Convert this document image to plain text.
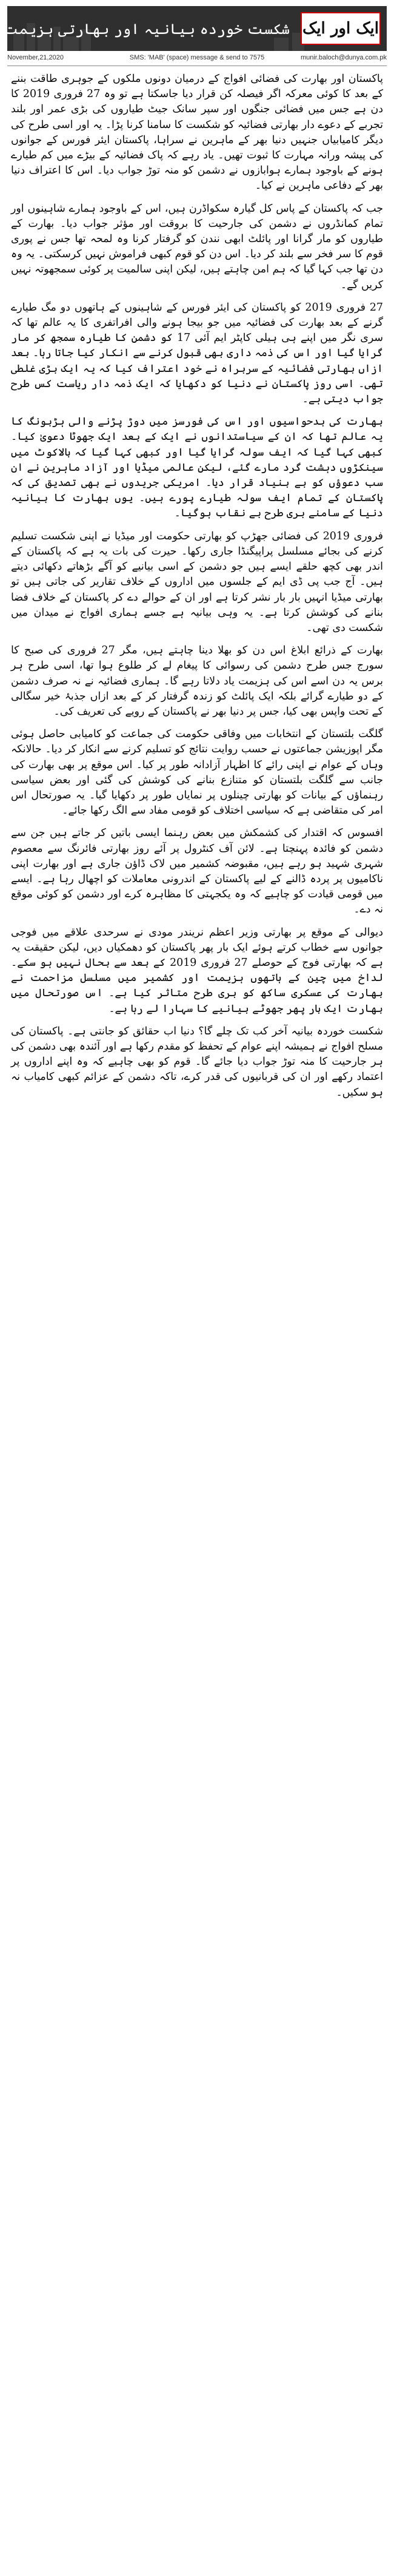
شکست خوردہ بیانیہ اور بھارتی ہزیمت ایک اور ایک
November,21,2020	SMS: 'MAB' (space) message & send to 7575	munir.baloch@dunya.com.pk

پاکستان اور بھارت کی فضائی افواج کے درمیان دونوں ملکوں کے جوہری طاقت بننے کے بعد کا کوئی معرکہ اگر فیصلہ کن قرار دیا جاسکتا ہے تو وہ 27 فروری 2019 کا دن ہے جس میں فضائی جنگوں اور سپر سانک جیٹ طیاروں کی بڑی عمر اور بلند تجربے کے دعوے دار بھارتی فضائیہ کو شکست کا سامنا کرنا پڑا۔ یہ اور اسی طرح کی دیگر کامیابیاں جنہیں دنیا بھر کے ماہرین نے سراہا، پاکستان ایئر فورس کے جوانوں کی پیشہ ورانہ مہارت کا ثبوت تھیں۔ یاد رہے کہ پاک فضائیہ کے بیڑے میں کم طیارے ہونے کے باوجود ہمارے ہوابازوں نے دشمن کو منہ توڑ جواب دیا۔ اس کا اعتراف دنیا بھر کے دفاعی ماہرین نے کیا۔

جب کہ پاکستان کے پاس کل گیارہ سکواڈرن ہیں، اس کے باوجود ہمارے شاہینوں اور تمام کمانڈروں نے دشمن کی جارحیت کا بروقت اور مؤثر جواب دیا۔ بھارت کے طیاروں کو مار گرانا اور پائلٹ ابھی نندن کو گرفتار کرنا وہ لمحہ تھا جس نے پوری قوم کا سر فخر سے بلند کر دیا۔ اس دن کو قوم کبھی فراموش نہیں کرسکتی۔ یہ وہ دن تھا جب کہا گیا کہ ہم امن چاہتے ہیں، لیکن اپنی سالمیت پر کوئی سمجھوتہ نہیں کریں گے۔

27 فروری 2019 کو پاکستان کی ایئر فورس کے شاہینوں کے ہاتھوں دو مگ طیارے گرنے کے بعد بھارت کی فضائیہ میں جو بیجا ہونے والی افراتفری کا یہ عالم تھا کہ سری نگر میں اپنے ہی ہیلی کاپٹر ایم آئی 17 کو دشمن کا طیارہ سمجھ کر مار گرایا گیا اور اس کی ذمہ داری بھی قبول کرنے سے انکار کیا جاتا رہا۔ بعد ازاں بھارتی فضائیہ کے سربراہ نے خود اعتراف کیا کہ یہ ایک بڑی غلطی تھی۔ اسی روز پاکستان نے دنیا کو دکھایا کہ ایک ذمہ دار ریاست کس طرح جواب دیتی ہے۔

بھارت کی بدحواسیوں اور اس کی فورسز میں دوڑ پڑنے والی ہڑبونگ کا یہ عالم تھا کہ ان کے سیاستدانوں نے ایک کے بعد ایک جھوٹا دعویٰ کیا۔ کبھی کہا گیا کہ ایف سولہ گرایا گیا اور کبھی کہا گیا کہ بالاکوٹ میں سینکڑوں دہشت گرد مارے گئے، لیکن عالمی میڈیا اور آزاد ماہرین نے ان سب دعوؤں کو بے بنیاد قرار دیا۔ امریکی جریدوں نے بھی تصدیق کی کہ پاکستان کے تمام ایف سولہ طیارے پورے ہیں۔ یوں بھارت کا بیانیہ دنیا کے سامنے بری طرح بے نقاب ہوگیا۔

فروری 2019 کی فضائی جھڑپ کو بھارتی حکومت اور میڈیا نے اپنی شکست تسلیم کرنے کی بجائے مسلسل پراپیگنڈا جاری رکھا۔ حیرت کی بات یہ ہے کہ پاکستان کے اندر بھی کچھ حلقے ایسے ہیں جو دشمن کے اسی بیانیے کو آگے بڑھاتے دکھائی دیتے ہیں۔ آج جب پی ڈی ایم کے جلسوں میں اداروں کے خلاف تقاریر کی جاتی ہیں تو بھارتی میڈیا انہیں بار بار نشر کرتا ہے اور ان کے حوالے دے کر پاکستان کے خلاف فضا بنانے کی کوشش کرتا ہے۔ یہ وہی بیانیہ ہے جسے ہماری افواج نے میدان میں شکست دی تھی۔

بھارت کے ذرائع ابلاغ اس دن کو بھلا دینا چاہتے ہیں، مگر 27 فروری کی صبح کا سورج جس طرح دشمن کی رسوائی کا پیغام لے کر طلوع ہوا تھا، اسی طرح ہر برس یہ دن اسے اس کی ہزیمت یاد دلاتا رہے گا۔ ہماری فضائیہ نے نہ صرف دشمن کے دو طیارے گرائے بلکہ ایک پائلٹ کو زندہ گرفتار کر کے بعد ازاں جذبۂ خیر سگالی کے تحت واپس بھی کیا، جس پر دنیا بھر نے پاکستان کے رویے کی تعریف کی۔

گلگت بلتستان کے انتخابات میں وفاقی حکومت کی جماعت کو کامیابی حاصل ہوئی مگر اپوزیشن جماعتوں نے حسب روایت نتائج کو تسلیم کرنے سے انکار کر دیا۔ حالانکہ وہاں کے عوام نے اپنی رائے کا اظہار آزادانہ طور پر کیا۔ اس موقع پر بھی بھارت کی جانب سے گلگت بلتستان کو متنازع بنانے کی کوشش کی گئی اور بعض سیاسی رہنماؤں کے بیانات کو بھارتی چینلوں پر نمایاں طور پر دکھایا گیا۔ یہ صورتحال اس امر کی متقاضی ہے کہ سیاسی اختلاف کو قومی مفاد سے الگ رکھا جائے۔

افسوس کہ اقتدار کی کشمکش میں بعض رہنما ایسی باتیں کر جاتے ہیں جن سے دشمن کو فائدہ پہنچتا ہے۔ لائن آف کنٹرول پر آئے روز بھارتی فائرنگ سے معصوم شہری شہید ہو رہے ہیں، مقبوضہ کشمیر میں لاک ڈاؤن جاری ہے اور بھارت اپنی ناکامیوں پر پردہ ڈالنے کے لیے پاکستان کے اندرونی معاملات کو اچھال رہا ہے۔ ایسے میں قومی قیادت کو چاہیے کہ وہ یکجہتی کا مظاہرہ کرے اور دشمن کو کوئی موقع نہ دے۔

دیوالی کے موقع پر بھارتی وزیر اعظم نریندر مودی نے سرحدی علاقے میں فوجی جوانوں سے خطاب کرتے ہوئے ایک بار پھر پاکستان کو دھمکیاں دیں، لیکن حقیقت یہ ہے کہ بھارتی فوج کے حوصلے 27 فروری 2019 کے بعد سے بحال نہیں ہو سکے۔ لداخ میں چین کے ہاتھوں ہزیمت اور کشمیر میں مسلسل مزاحمت نے بھارت کی عسکری ساکھ کو بری طرح متاثر کیا ہے۔ اس صورتحال میں بھارت ایک بار پھر جھوٹے بیانیے کا سہارا لے رہا ہے۔

شکست خوردہ بیانیہ آخر کب تک چلے گا؟ دنیا اب حقائق کو جانتی ہے۔ پاکستان کی مسلح افواج نے ہمیشہ اپنے عوام کے تحفظ کو مقدم رکھا ہے اور آئندہ بھی دشمن کی ہر جارحیت کا منہ توڑ جواب دیا جائے گا۔ قوم کو بھی چاہیے کہ وہ اپنے اداروں پر اعتماد رکھے اور ان کی قربانیوں کی قدر کرے، تاکہ دشمن کے عزائم کبھی کامیاب نہ ہو سکیں۔
